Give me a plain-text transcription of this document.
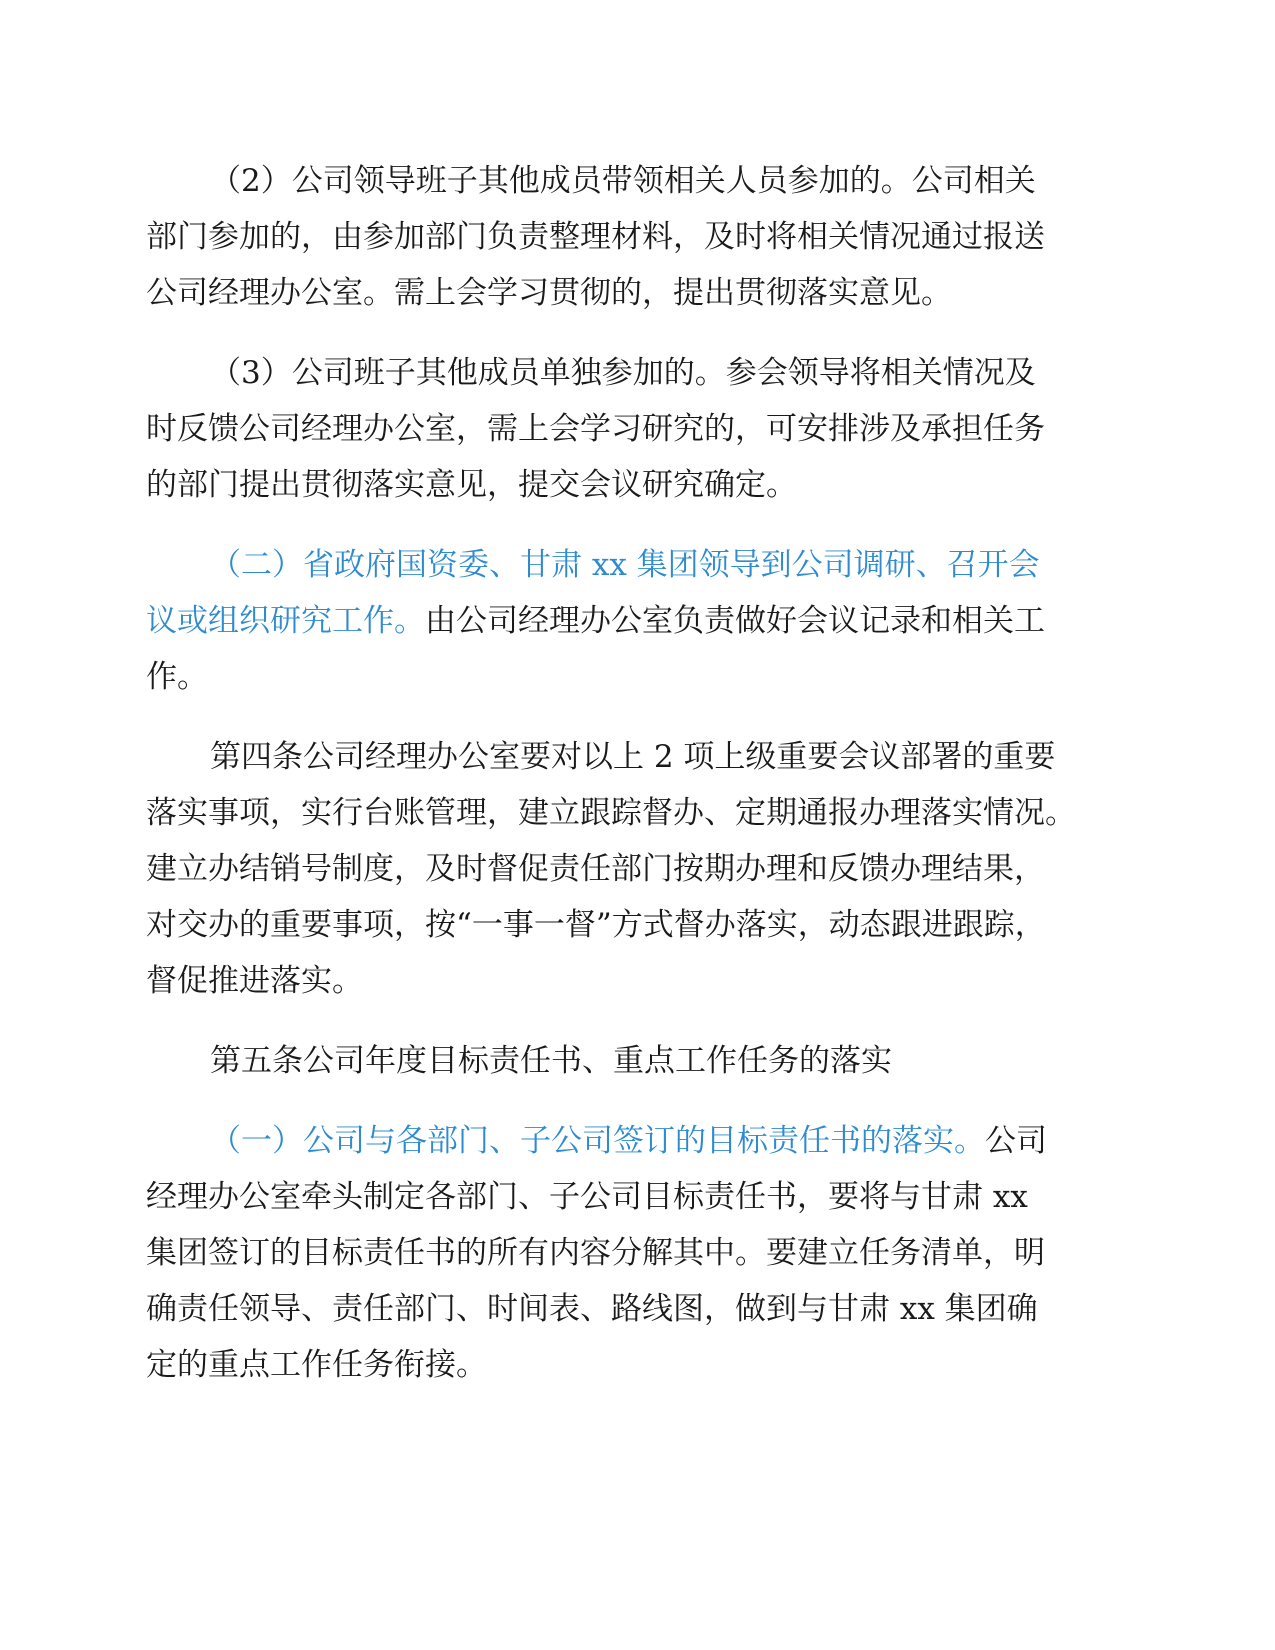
（2）公司领导班子其他成员带领相关人员参加的。公司相关
部门参加的，由参加部门负责整理材料，及时将相关情况通过报送
公司经理办公室。需上会学习贯彻的，提出贯彻落实意见。

（3）公司班子其他成员单独参加的。参会领导将相关情况及
时反馈公司经理办公室，需上会学习研究的，可安排涉及承担任务
的部门提出贯彻落实意见，提交会议研究确定。

（二）省政府国资委、甘肃 xx 集团领导到公司调研、召开会
议或组织研究工作。由公司经理办公室负责做好会议记录和相关工
作。

第四条公司经理办公室要对以上 2 项上级重要会议部署的重要
落实事项，实行台账管理，建立跟踪督办、定期通报办理落实情况。
建立办结销号制度，及时督促责任部门按期办理和反馈办理结果，
对交办的重要事项，按“一事一督”方式督办落实，动态跟进跟踪，
督促推进落实。

第五条公司年度目标责任书、重点工作任务的落实

（一）公司与各部门、子公司签订的目标责任书的落实。公司
经理办公室牵头制定各部门、子公司目标责任书，要将与甘肃 xx
集团签订的目标责任书的所有内容分解其中。要建立任务清单，明
确责任领导、责任部门、时间表、路线图，做到与甘肃 xx 集团确
定的重点工作任务衔接。
